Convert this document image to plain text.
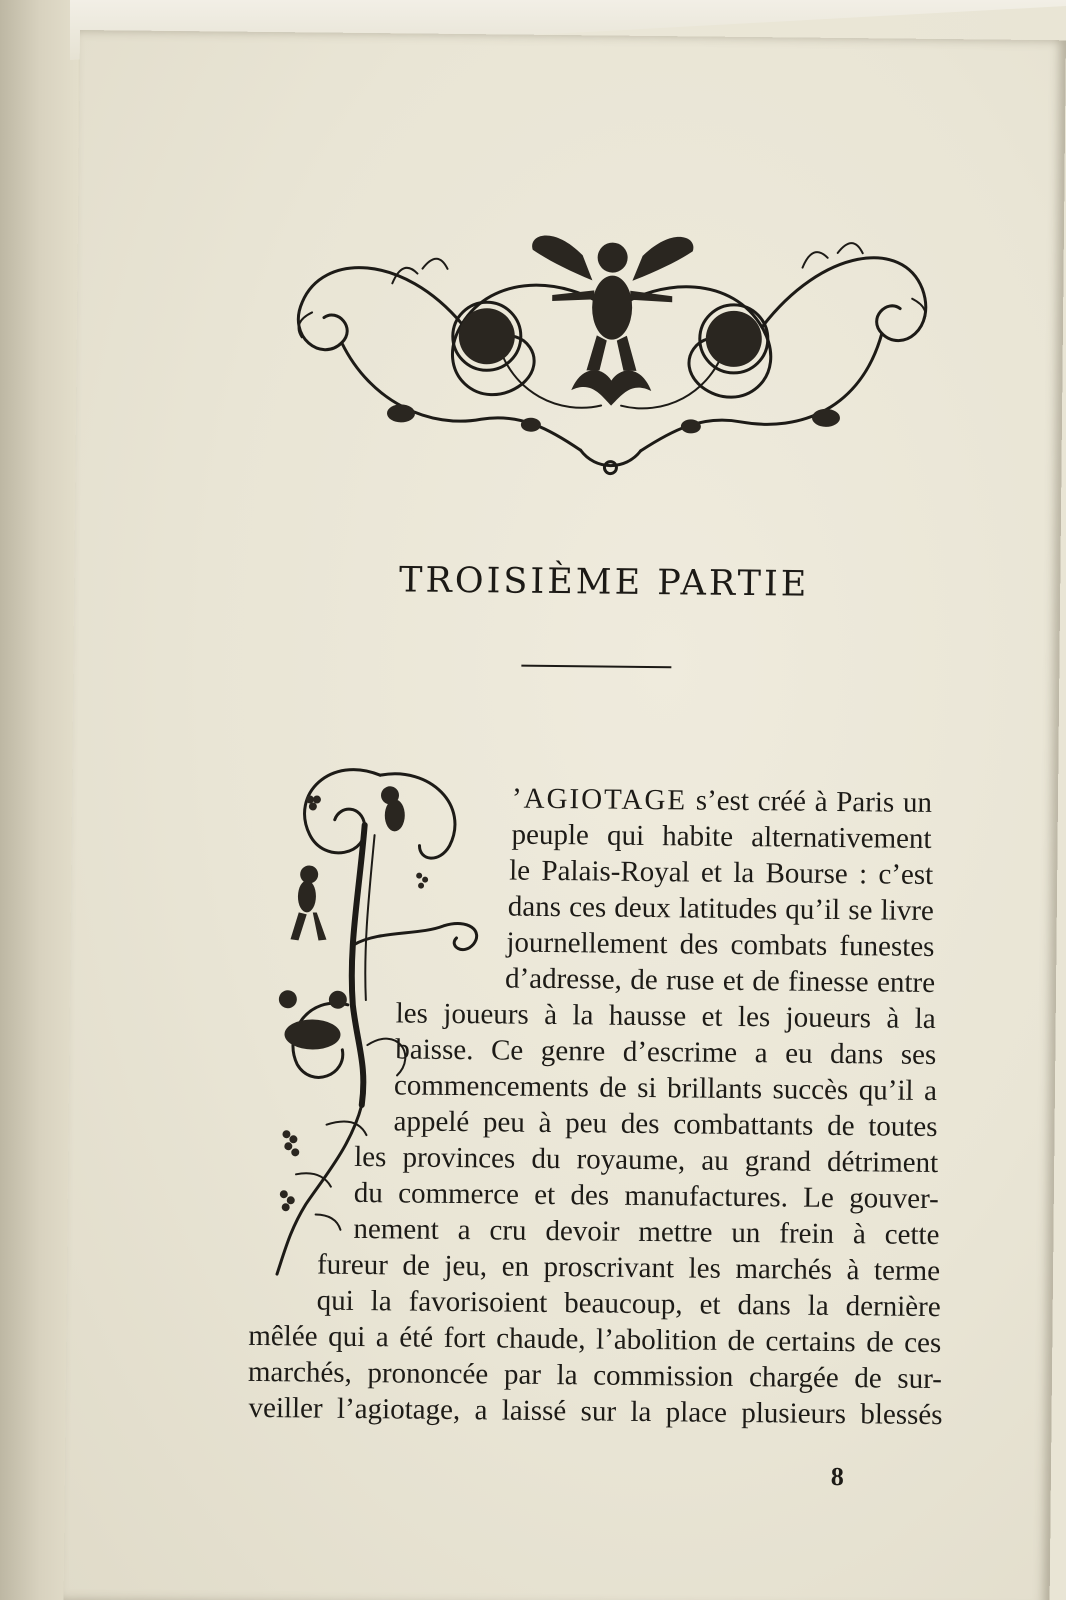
TROISIÈME PARTIE
’AGIOTAGE s’est créé à Paris un
peuple qui habite alternativement
le Palais-Royal et la Bourse : c’est
dans ces deux latitudes qu’il se livre
journellement des combats funestes
d’adresse, de ruse et de finesse entre
les joueurs à la hausse et les joueurs à la
baisse. Ce genre d’escrime a eu dans ses
commencements de si brillants succès qu’il a
appelé peu à peu des combattants de toutes
les provinces du royaume, au grand détriment
du commerce et des manufactures. Le gouver-
nement a cru devoir mettre un frein à cette
fureur de jeu, en proscrivant les marchés à terme
qui la favorisoient beaucoup, et dans la dernière
mêlée qui a été fort chaude, l’abolition de certains de ces
marchés, prononcée par la commission chargée de sur-
veiller l’agiotage, a laissé sur la place plusieurs blessés
8
